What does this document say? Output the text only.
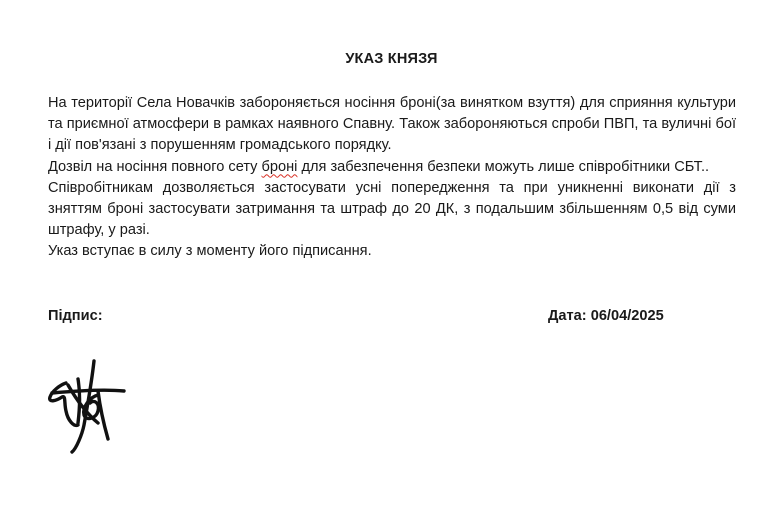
УКАЗ КНЯЗЯ

На території Села Новачків забороняється носіння броні(за винятком взуття) для сприяння культури та приємної атмосфери в рамках наявного Спавну. Також забороняються спроби ПВП, та вуличні бої і дії пов'язані з порушенням громадського порядку.

Дозвіл на носіння повного сету броні для забезпечення безпеки можуть лише співробітники СБТ..

Співробітникам дозволяється застосувати усні попередження та при уникненні виконати дії з зняттям броні застосувати затримання та штраф до 20 ДК, з подальшим збільшенням 0,5 від суми штрафу, у разі.

Указ вступає в силу з моменту його підписання.

Підпис:	Дата: 06/04/2025
